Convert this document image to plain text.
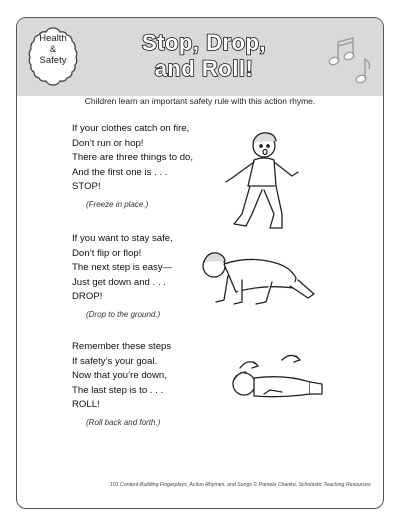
Health
&
Safety
Stop, Drop,
and Roll!
Children learn an important safety rule with this action rhyme.
If your clothes catch on fire,
Don’t run or hop!
There are three things to do,
And the first one is . . .
STOP!
(Freeze in place.)
If you want to stay safe,
Don’t flip or flop!
The next step is easy—
Just get down and . . .
DROP!
(Drop to the ground.)
Remember these steps
If safety’s your goal.
Now that you’re down,
The last step is to . . .
ROLL!
(Roll back and forth.)
101 Content-Building Fingerplays, Action Rhymes, and Songs © Pamela Chanko, Scholastic Teaching Resources
